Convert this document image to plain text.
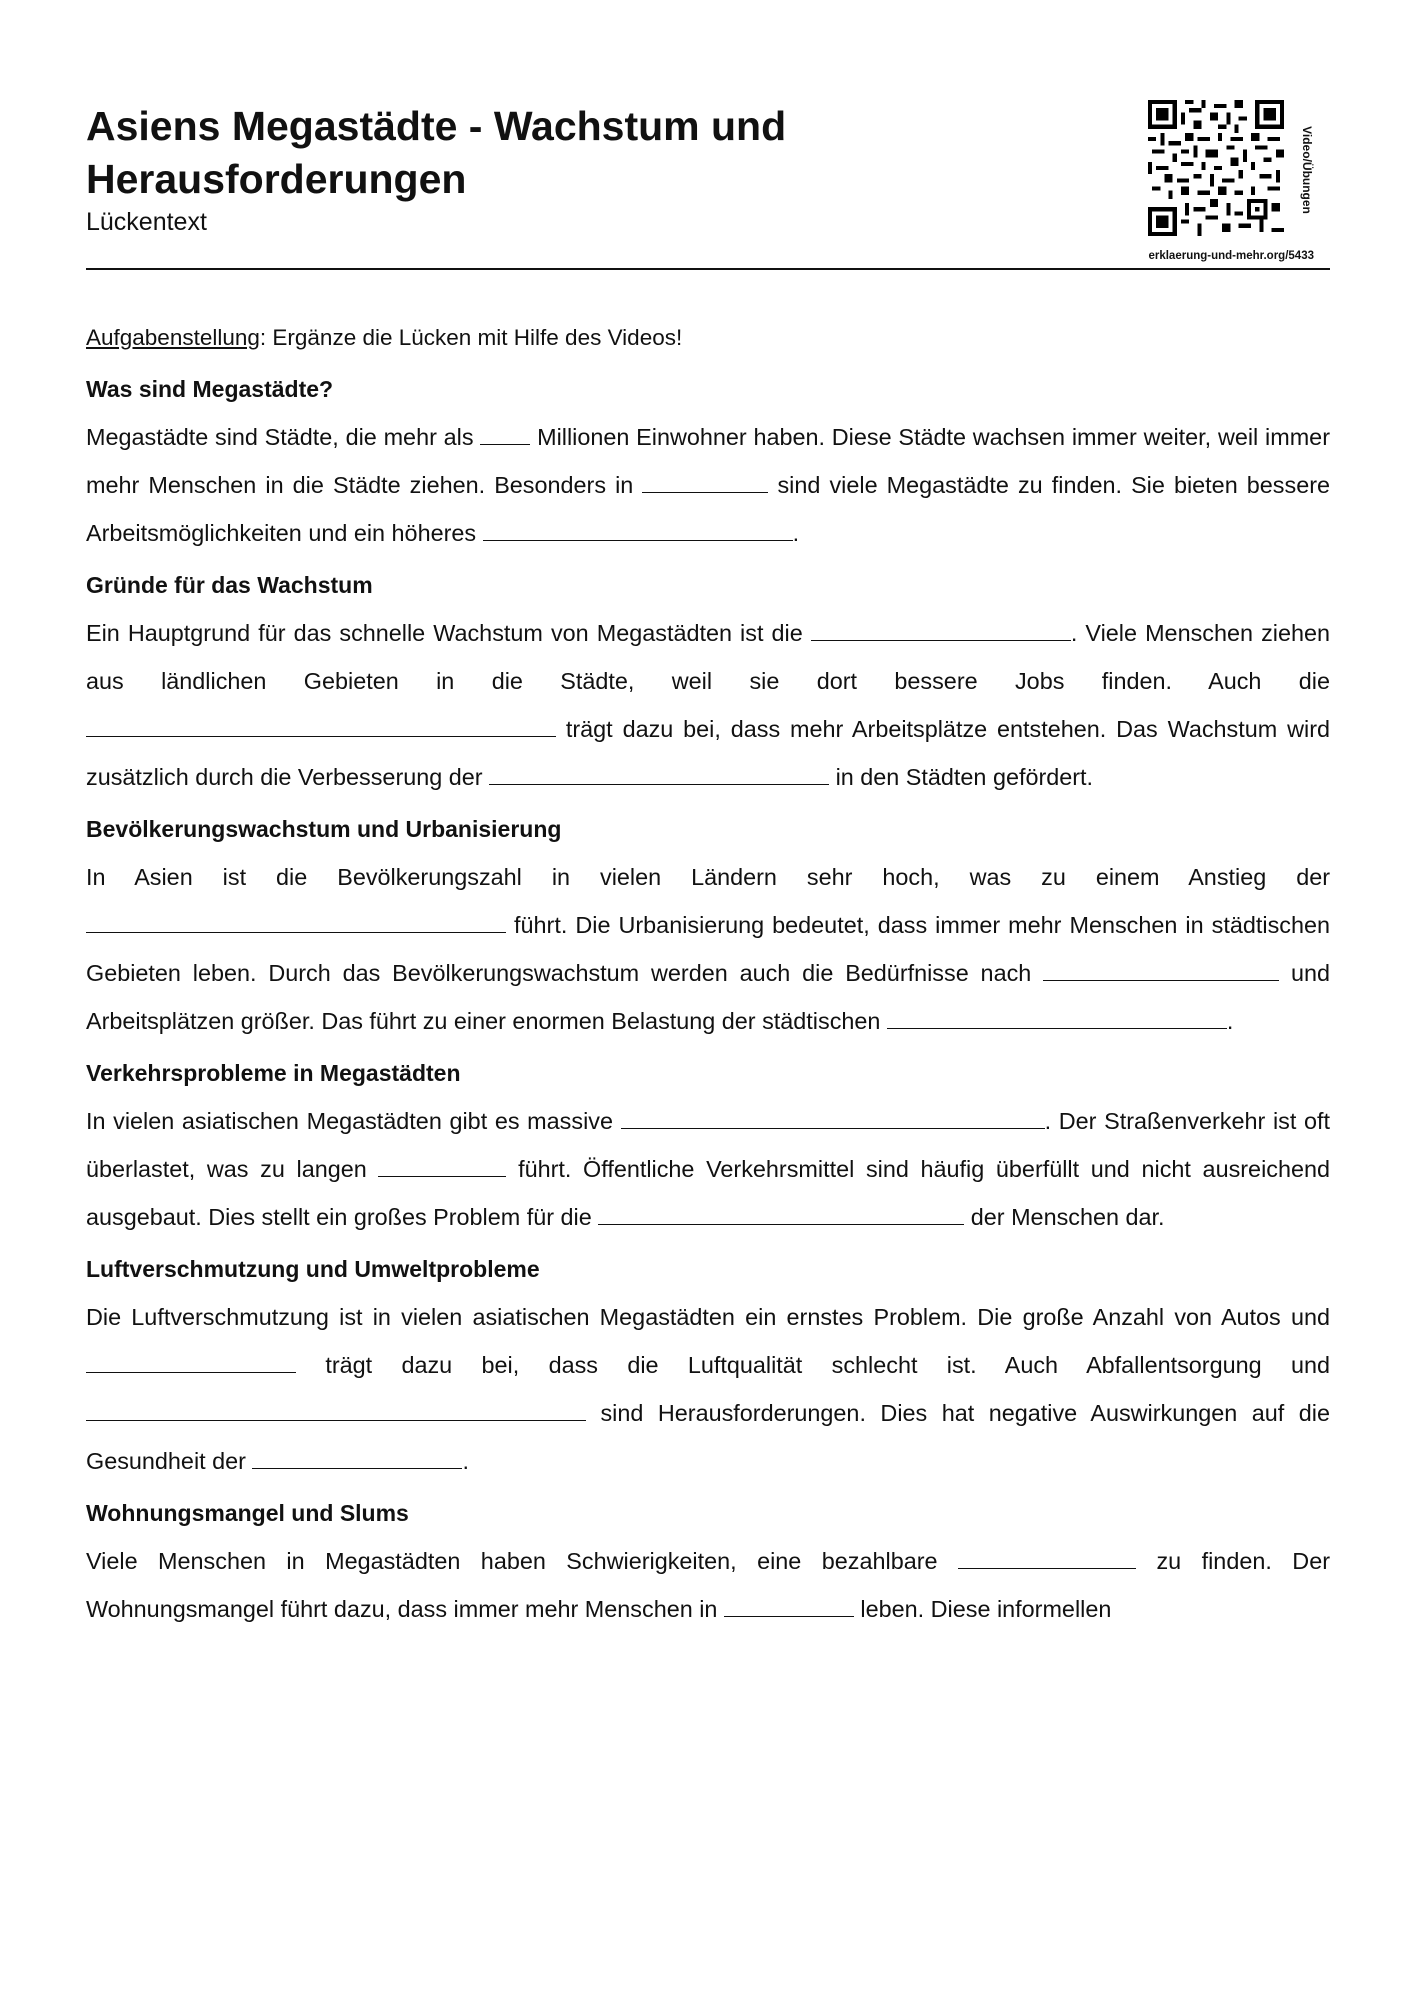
Asiens Megastädte - Wachstum und Herausforderungen
Lückentext
Video/Übungen
erklaerung-und-mehr.org/5433

Aufgabenstellung: Ergänze die Lücken mit Hilfe des Videos!

Was sind Megastädte?

Megastädte sind Städte, die mehr als  Millionen Einwohner haben. Diese Städte wachsen immer weiter, weil immer mehr Menschen in die Städte ziehen. Besonders in	sind viele Megastädte zu finden. Sie bieten bessere Arbeitsmöglichkeiten und ein höheres	.

Gründe für das Wachstum

Ein Hauptgrund für das schnelle Wachstum von Megastädten ist die	. Viele Menschen ziehen aus ländlichen Gebieten in die Städte, weil sie dort bessere Jobs finden. Auch die  trägt dazu bei, dass mehr Arbeitsplätze entstehen. Das Wachstum wird zusätzlich durch die Verbesserung der	in den Städten gefördert.

Bevölkerungswachstum und Urbanisierung

In Asien ist die Bevölkerungszahl in vielen Ländern sehr hoch, was zu einem Anstieg der  führt. Die Urbanisierung bedeutet, dass immer mehr Menschen in städtischen Gebieten leben. Durch das Bevölkerungswachstum werden auch die Bedürfnisse nach	und Arbeitsplätzen größer. Das führt zu einer enormen Belastung der städtischen	.

Verkehrsprobleme in Megastädten

In vielen asiatischen Megastädten gibt es massive	. Der Straßenverkehr ist oft überlastet, was zu langen	führt. Öffentliche Verkehrsmittel sind häufig überfüllt und nicht ausreichend ausgebaut. Dies stellt ein großes Problem für die	der Menschen dar.

Luftverschmutzung und Umweltprobleme

Die Luftverschmutzung ist in vielen asiatischen Megastädten ein ernstes Problem. Die große Anzahl von Autos und  trägt dazu bei, dass die Luftqualität schlecht ist. Auch Abfallentsorgung und  sind Herausforderungen. Dies hat negative Auswirkungen auf die Gesundheit der	.

Wohnungsmangel und Slums

Viele Menschen in Megastädten haben Schwierigkeiten, eine bezahlbare	zu finden. Der Wohnungsmangel führt dazu, dass immer mehr Menschen in	leben. Diese informellen
